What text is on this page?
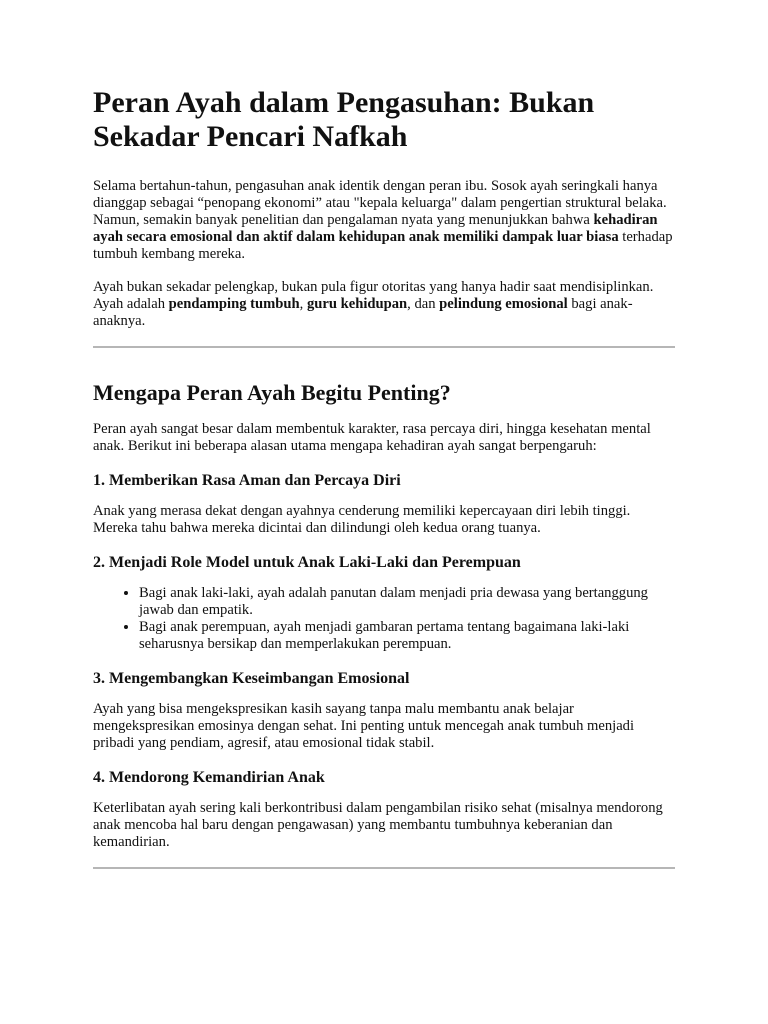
Peran Ayah dalam Pengasuhan: Bukan Sekadar Pencari Nafkah

Selama bertahun-tahun, pengasuhan anak identik dengan peran ibu. Sosok ayah seringkali hanya dianggap sebagai “penopang ekonomi” atau "kepala keluarga" dalam pengertian struktural belaka. Namun, semakin banyak penelitian dan pengalaman nyata yang menunjukkan bahwa kehadiran ayah secara emosional dan aktif dalam kehidupan anak memiliki dampak luar biasa terhadap tumbuh kembang mereka.

Ayah bukan sekadar pelengkap, bukan pula figur otoritas yang hanya hadir saat mendisiplinkan. Ayah adalah pendamping tumbuh, guru kehidupan, dan pelindung emosional bagi anak-anaknya.

Mengapa Peran Ayah Begitu Penting?

Peran ayah sangat besar dalam membentuk karakter, rasa percaya diri, hingga kesehatan mental anak. Berikut ini beberapa alasan utama mengapa kehadiran ayah sangat berpengaruh:

1. Memberikan Rasa Aman dan Percaya Diri

Anak yang merasa dekat dengan ayahnya cenderung memiliki kepercayaan diri lebih tinggi. Mereka tahu bahwa mereka dicintai dan dilindungi oleh kedua orang tuanya.

2. Menjadi Role Model untuk Anak Laki-Laki dan Perempuan
• Bagi anak laki-laki, ayah adalah panutan dalam menjadi pria dewasa yang bertanggung jawab dan empatik.
• Bagi anak perempuan, ayah menjadi gambaran pertama tentang bagaimana laki-laki seharusnya bersikap dan memperlakukan perempuan.
3. Mengembangkan Keseimbangan Emosional

Ayah yang bisa mengekspresikan kasih sayang tanpa malu membantu anak belajar mengekspresikan emosinya dengan sehat. Ini penting untuk mencegah anak tumbuh menjadi pribadi yang pendiam, agresif, atau emosional tidak stabil.

4. Mendorong Kemandirian Anak

Keterlibatan ayah sering kali berkontribusi dalam pengambilan risiko sehat (misalnya mendorong anak mencoba hal baru dengan pengawasan) yang membantu tumbuhnya keberanian dan kemandirian.
